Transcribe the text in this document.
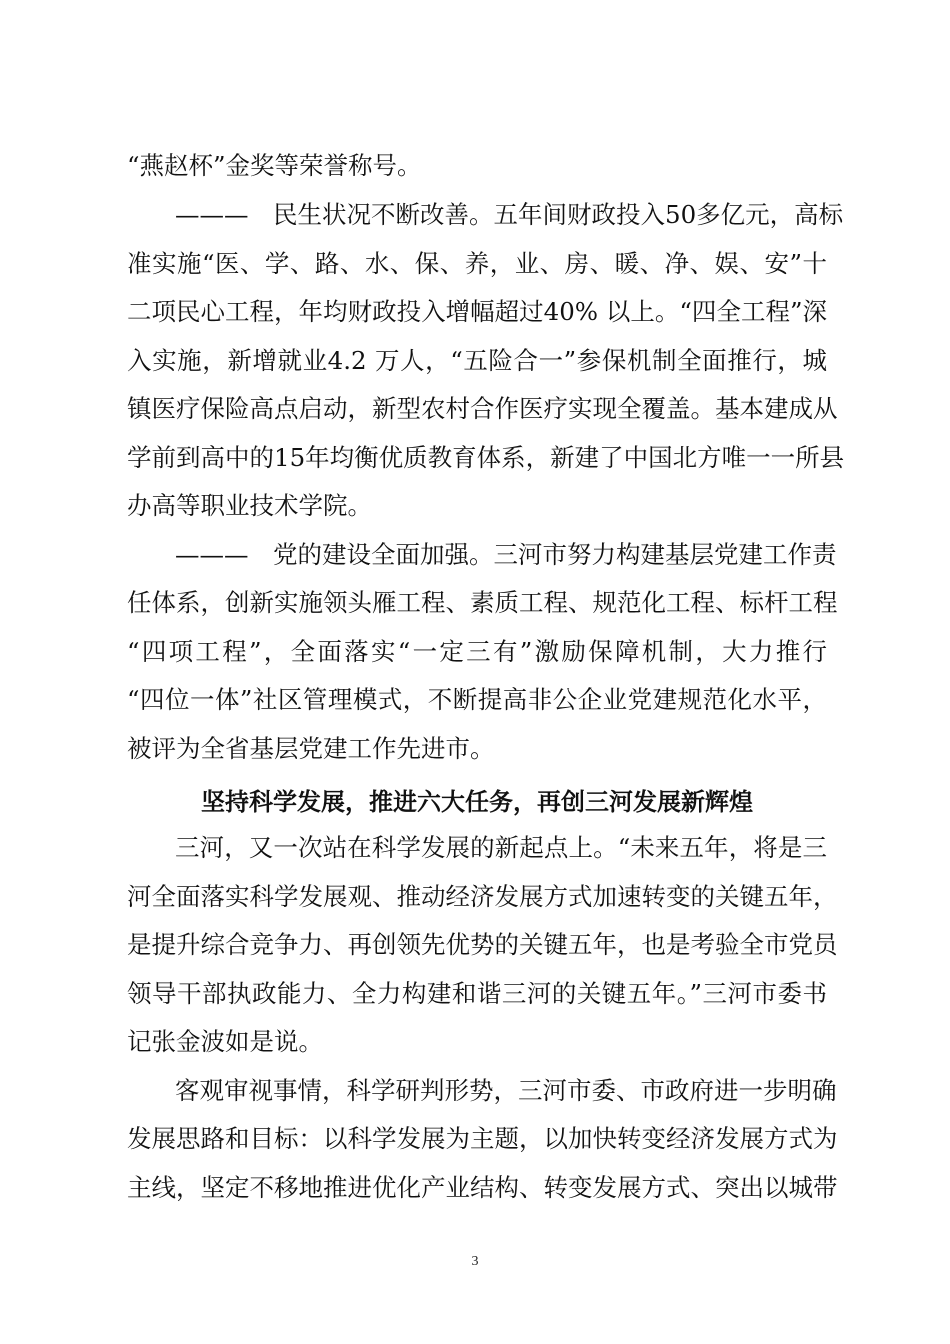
“燕赵杯”金奖等荣誉称号。
———　民生状况不断改善。五年间财政投入50多亿元，高标
准实施“医、学、路、水、保、养，业、房、暖、净、娱、安”十
二项民心工程，年均财政投入增幅超过40% 以上。“四全工程”深
入实施，新增就业4.2 万人，“五险合一”参保机制全面推行，城
镇医疗保险高点启动，新型农村合作医疗实现全覆盖。基本建成从
学前到高中的15年均衡优质教育体系，新建了中国北方唯一一所县
办高等职业技术学院。
———　党的建设全面加强。三河市努力构建基层党建工作责
任体系，创新实施领头雁工程、素质工程、规范化工程、标杆工程
“四项工程”，全面落实“一定三有”激励保障机制，大力推行
“四位一体”社区管理模式，不断提高非公企业党建规范化水平，
被评为全省基层党建工作先进市。
坚持科学发展，推进六大任务，再创三河发展新辉煌
三河，又一次站在科学发展的新起点上。“未来五年，将是三
河全面落实科学发展观、推动经济发展方式加速转变的关键五年，
是提升综合竞争力、再创领先优势的关键五年，也是考验全市党员
领导干部执政能力、全力构建和谐三河的关键五年。”三河市委书
记张金波如是说。
客观审视事情，科学研判形势，三河市委、市政府进一步明确
发展思路和目标：以科学发展为主题，以加快转变经济发展方式为
主线，坚定不移地推进优化产业结构、转变发展方式、突出以城带
3
